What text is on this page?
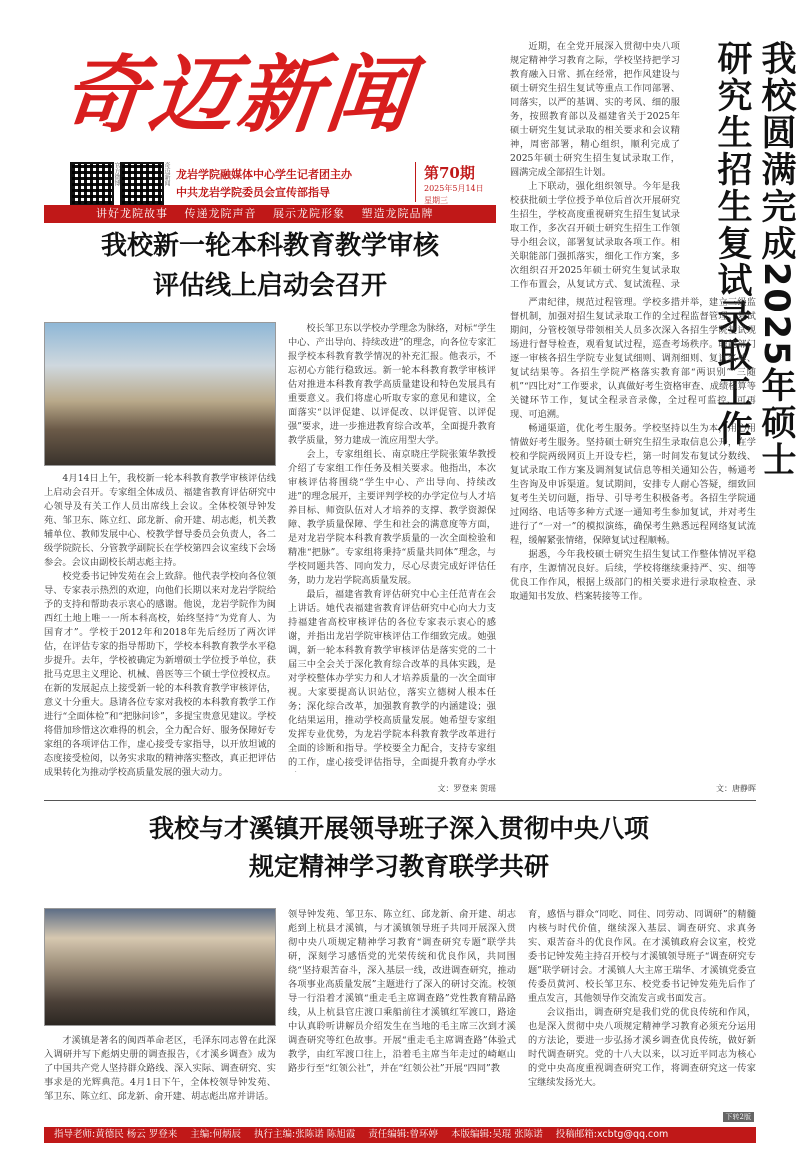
奇迈新闻
官方微博	奇迈新闻 龙岩学院融媒体中心学生记者团主办
中共龙岩学院委员会宣传部指导
第70期
2025年5月14日
星期三
讲好龙院故事 传递龙院声音 展示龙院形象 塑造龙院品牌
我校新一轮本科教育教学审核
评估线上启动会召开

4月14日上午，我校新一轮本科教育教学审核评估线上启动会召开。专家组全体成员、福建省教育评估研究中心领导及有关工作人员出席线上会议。全体校领导钟发苑、邹卫东、陈立红、邱龙新、俞开建、胡志彪，机关教辅单位、教师发展中心、校教学督导委员会负责人，各二级学院院长、分管教学副院长在学校第四会议室线下会场参会。会议由副校长胡志彪主持。

校党委书记钟发苑在会上致辞。他代表学校向各位领导、专家表示热烈的欢迎，向他们长期以来对龙岩学院给予的支持和帮助表示衷心的感谢。他说，龙岩学院作为闽西红土地上唯一一所本科高校，始终坚持“为党育人、为国育才”。学校于2012年和2018年先后经历了两次评估，在评估专家的指导帮助下，学校本科教育教学水平稳步提升。去年，学校被确定为新增硕士学位授予单位，获批马克思主义理论、机械、兽医等三个硕士学位授权点。在新的发展起点上接受新一轮的本科教育教学审核评估，意义十分重大。恳请各位专家对我校的本科教育教学工作进行“全面体检”和“把脉问诊”，多提宝贵意见建议。学校将借加珍惜这次难得的机会，全力配合好、服务保障好专家组的各项评估工作，虚心接受专家指导，以开放坦诚的态度接受检阅，以务实求取的精神落实整改，真正把评估成果转化为推动学校高质量发展的强大动力。

校长邹卫东以学校办学理念为脉络，对标“学生中心、产出导向、持续改进”的理念，向各位专家汇报学校本科教育教学情况的补充汇报。他表示，不忘初心方能行稳致远。新一轮本科教育教学审核评估对推进本科教育教学高质量建设和特色发展具有重要意义。我们将虚心听取专家的意见和建议，全面落实“以评促建、以评促改、以评促管、以评促强”要求，进一步推进教育综合改革，全面提升教育教学质量，努力建成一流应用型大学。

会上，专家组组长、南京晓庄学院张策华教授介绍了专家组工作任务及相关要求。他指出，本次审核评估将围绕“学生中心、产出导向、持续改进”的理念展开，主要评判学校的办学定位与人才培养目标、师资队伍对人才培养的支撑、教学资源保障、教学质量保障、学生和社会的满意度等方面，是对龙岩学院本科教育教学质量的一次全面检验和精准“把脉”。专家组将秉持“质量共同体”理念，与学校同题共答、同向发力，尽心尽责完成好评估任务，助力龙岩学院高质量发展。

最后，福建省教育评估研究中心主任范青在会上讲话。她代表福建省教育评估研究中心向大力支持福建省高校审核评估的各位专家表示衷心的感谢，并指出龙岩学院审核评估工作细致完成。她强调，新一轮本科教育教学审核评估是落实党的二十届三中全会关于深化教育综合改革的具体实践，是对学校整体办学实力和人才培养质量的一次全面审视。大家要提高认识站位，落实立德树人根本任务；深化综合改革，加强教育教学的内涵建设；强化结果运用，推动学校高质量发展。她希望专家组发挥专业优势，为龙岩学院本科教育教学改革进行全面的诊断和指导。学校要全力配合，支持专家组的工作，虚心接受评估指导，全面提升教育办学水

文：罗登来 贺瑶

近期，在全党开展深入贯彻中央八项规定精神学习教育之际，学校坚持把学习教育融入日常、抓在经常，把作风建设与硕士研究生招生复试等重点工作同部署、同落实，以严的基调、实的考风、细的服务，按照教育部以及福建省关于2025年硕士研究生复试录取的相关要求和会议精神，周密部署，精心组织，顺利完成了2025年硕士研究生招生复试录取工作，圆满完成全部招生计划。

上下联动，强化组织领导。今年是我校获批硕士学位授予单位后首次开展研究生招生，学校高度重视研究生招生复试录取工作，多次召开硕士研究生招生工作领导小组会议，部署复试录取各项工作。相关职能部门强抓落实，细化工作方案，多次组织召开2025年硕士研究生复试录取工作布置会，从复试方式、复试流程、录	我校圆满完成2025年硕士研究生招生复试录取工作

严肃纪律，规范过程管理。学校多措并举，建立三级监督机制，加强对招生复试录取工作的全过程监督管理。复试期间，分管校领导带领相关人员多次深入各招生学院复试现场进行督导检查，观看复试过程，巡查考场秩序。职能部门逐一审核各招生学院专业复试细则、调剂细则、复试名单、复试结果等。各招生学院严格落实教育部“两识别”“三随机”“四比对”工作要求，认真做好考生资格审查、成绩核算等关键环节工作，复试全程录音录像，全过程可监控、可再现、可追溯。

畅通渠道，优化考生服务。学校坚持以生为本，用心用情做好考生服务。坚持硕士研究生招生录取信息公开，在学校和学院两级网页上开设专栏，第一时间发布复试分数线、复试录取工作方案及调剂复试信息等相关通知公告，畅通考生咨询及申诉渠道。复试期间，安排专人耐心答疑，细致回复考生关切问题，指导、引导考生积极备考。各招生学院通过网络、电话等多种方式逐一通知考生参加复试，并对考生进行了“一对一”的模拟演练，确保考生熟悉远程网络复试流程，缓解紧张情绪，保障复试过程顺畅。

据悉，今年我校硕士研究生招生复试工作整体情况平稳有序，生源情况良好。后续，学校将继续秉持严、实、细等优良工作作风，根据上级部门的相关要求进行录取检查、录取通知书发放、档案转接等工作。

文：唐静晖
我校与才溪镇开展领导班子深入贯彻中央八项
规定精神学习教育联学共研

才溪镇是著名的闽西革命老区，毛泽东同志曾在此深入调研并写下彪炳史册的调查报告，《才溪乡调查》成为了中国共产党人坚持群众路线、深入实际、调查研究、实事求是的光辉典范。4月1日下午，全体校领导钟发苑、邹卫东、陈立红、邱龙新、俞开建、胡志彪出席并讲话。

领导钟发苑、邹卫东、陈立红、邱龙新、俞开建、胡志彪到上杭县才溪镇，与才溪镇领导班子共同开展深入贯彻中央八项规定精神学习教育“调查研究专题”联学共研，深刻学习感悟党的光荣传统和优良作风，共同围绕“坚持艰苦奋斗，深入基层一线，改进调查研究，推动各项事业高质量发展”主题进行了深入的研讨交流。校领导一行沿着才溪镇“重走毛主席调查路”党性教育精品路线，从上杭县官庄渡口乘船前往才溪镇红军渡口，路途中认真聆听讲解员介绍发生在当地的毛主席三次到才溪调查研究等红色故事。开展“重走毛主席调查路”体验式教学，由红军渡口往上，沿着毛主席当年走过的崎岖山路步行至“红领公社”，并在“红领公社”开展“四同”教

育，感悟与群众“同吃、同住、同劳动、同调研”的精髓内核与时代价值，继续深入基层、调查研究、求真务实、艰苦奋斗的优良作风。在才溪镇政府会议室，校党委书记钟发苑主持召开校与才溪镇领导班子“调查研究专题”联学研讨会。才溪镇人大主席王瑞华、才溪镇党委宣传委员黄河、校长邹卫东、校党委书记钟发苑先后作了重点发言，其他领导作交流发言或书面发言。

会议指出，调查研究是我们党的优良传统和作风，也是深入贯彻中央八项规定精神学习教育必须充分运用的方法论，要进一步弘扬才溪乡调查优良传统，做好新时代调查研究。党的十八大以来，以习近平同志为核心的党中央高度重视调查研究工作，将调查研究这一传家宝继续发扬光大。

下转2版
指导老师:黄德民 杨云 罗登来 主编:何炳辰 执行主编:张陈诺 陈旭霞 责任编辑:曾环婷 本版编辑:吴琨 张陈诺 投稿邮箱:xcbtg@qq.com
